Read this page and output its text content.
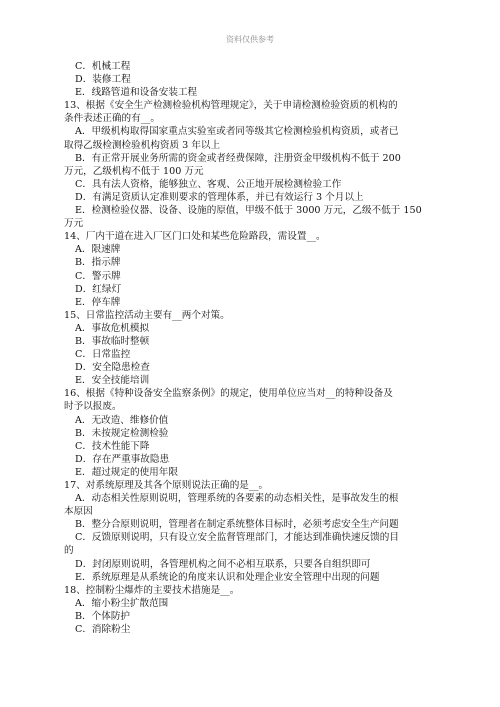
资料仅供参考
C．机械工程
D．装修工程
E．线路管道和设备安装工程
13、根据《安全生产检测检验机构管理规定》，关于申请检测检验资质的机构的
条件表述正确的有__。
A．甲级机构取得国家重点实验室或者同等级其它检测检验机构资质，或者已
取得乙级检测检验机构资质 3 年以上
B．有正常开展业务所需的资金或者经费保障，注册资金甲级机构不低于 200
万元，乙级机构不低于 100 万元
C．具有法人资格，能够独立、客观、公正地开展检测检验工作
D．有满足资质认定准则要求的管理体系，并已有效运行 3 个月以上
E．检测检验仪器、设备、设施的原值，甲级不低于 3000 万元，乙级不低于 150
万元
14、厂内干道在进入厂区门口处和某些危险路段，需设置__。
A．限速牌
B．指示牌
C．警示牌
D．红绿灯
E．停车牌
15、日常监控活动主要有__两个对策。
A．事故危机模拟
B．事故临时整顿
C．日常监控
D．安全隐患检查
E．安全技能培训
16、根据《特种设备安全监察条例》的规定，使用单位应当对__的特种设备及
时予以报废。
A．无改造、维修价值
B．未按规定检测检验
C．技术性能下降
D．存在严重事故隐患
E．超过规定的使用年限
17、对系统原理及其各个原则说法正确的是__。
A．动态相关性原则说明，管理系统的各要素的动态相关性，是事故发生的根
本原因
B．整分合原则说明，管理者在制定系统整体目标时，必须考虑安全生产问题
C．反馈原则说明，只有设立安全监督管理部门，才能达到准确快速反馈的目
的
D．封闭原则说明，各管理机构之间不必相互联系，只要各自组织即可
E．系统原理是从系统论的角度来认识和处理企业安全管理中出现的问题
18、控制粉尘爆炸的主要技术措施是__。
A．缩小粉尘扩散范围
B．个体防护
C．消除粉尘
